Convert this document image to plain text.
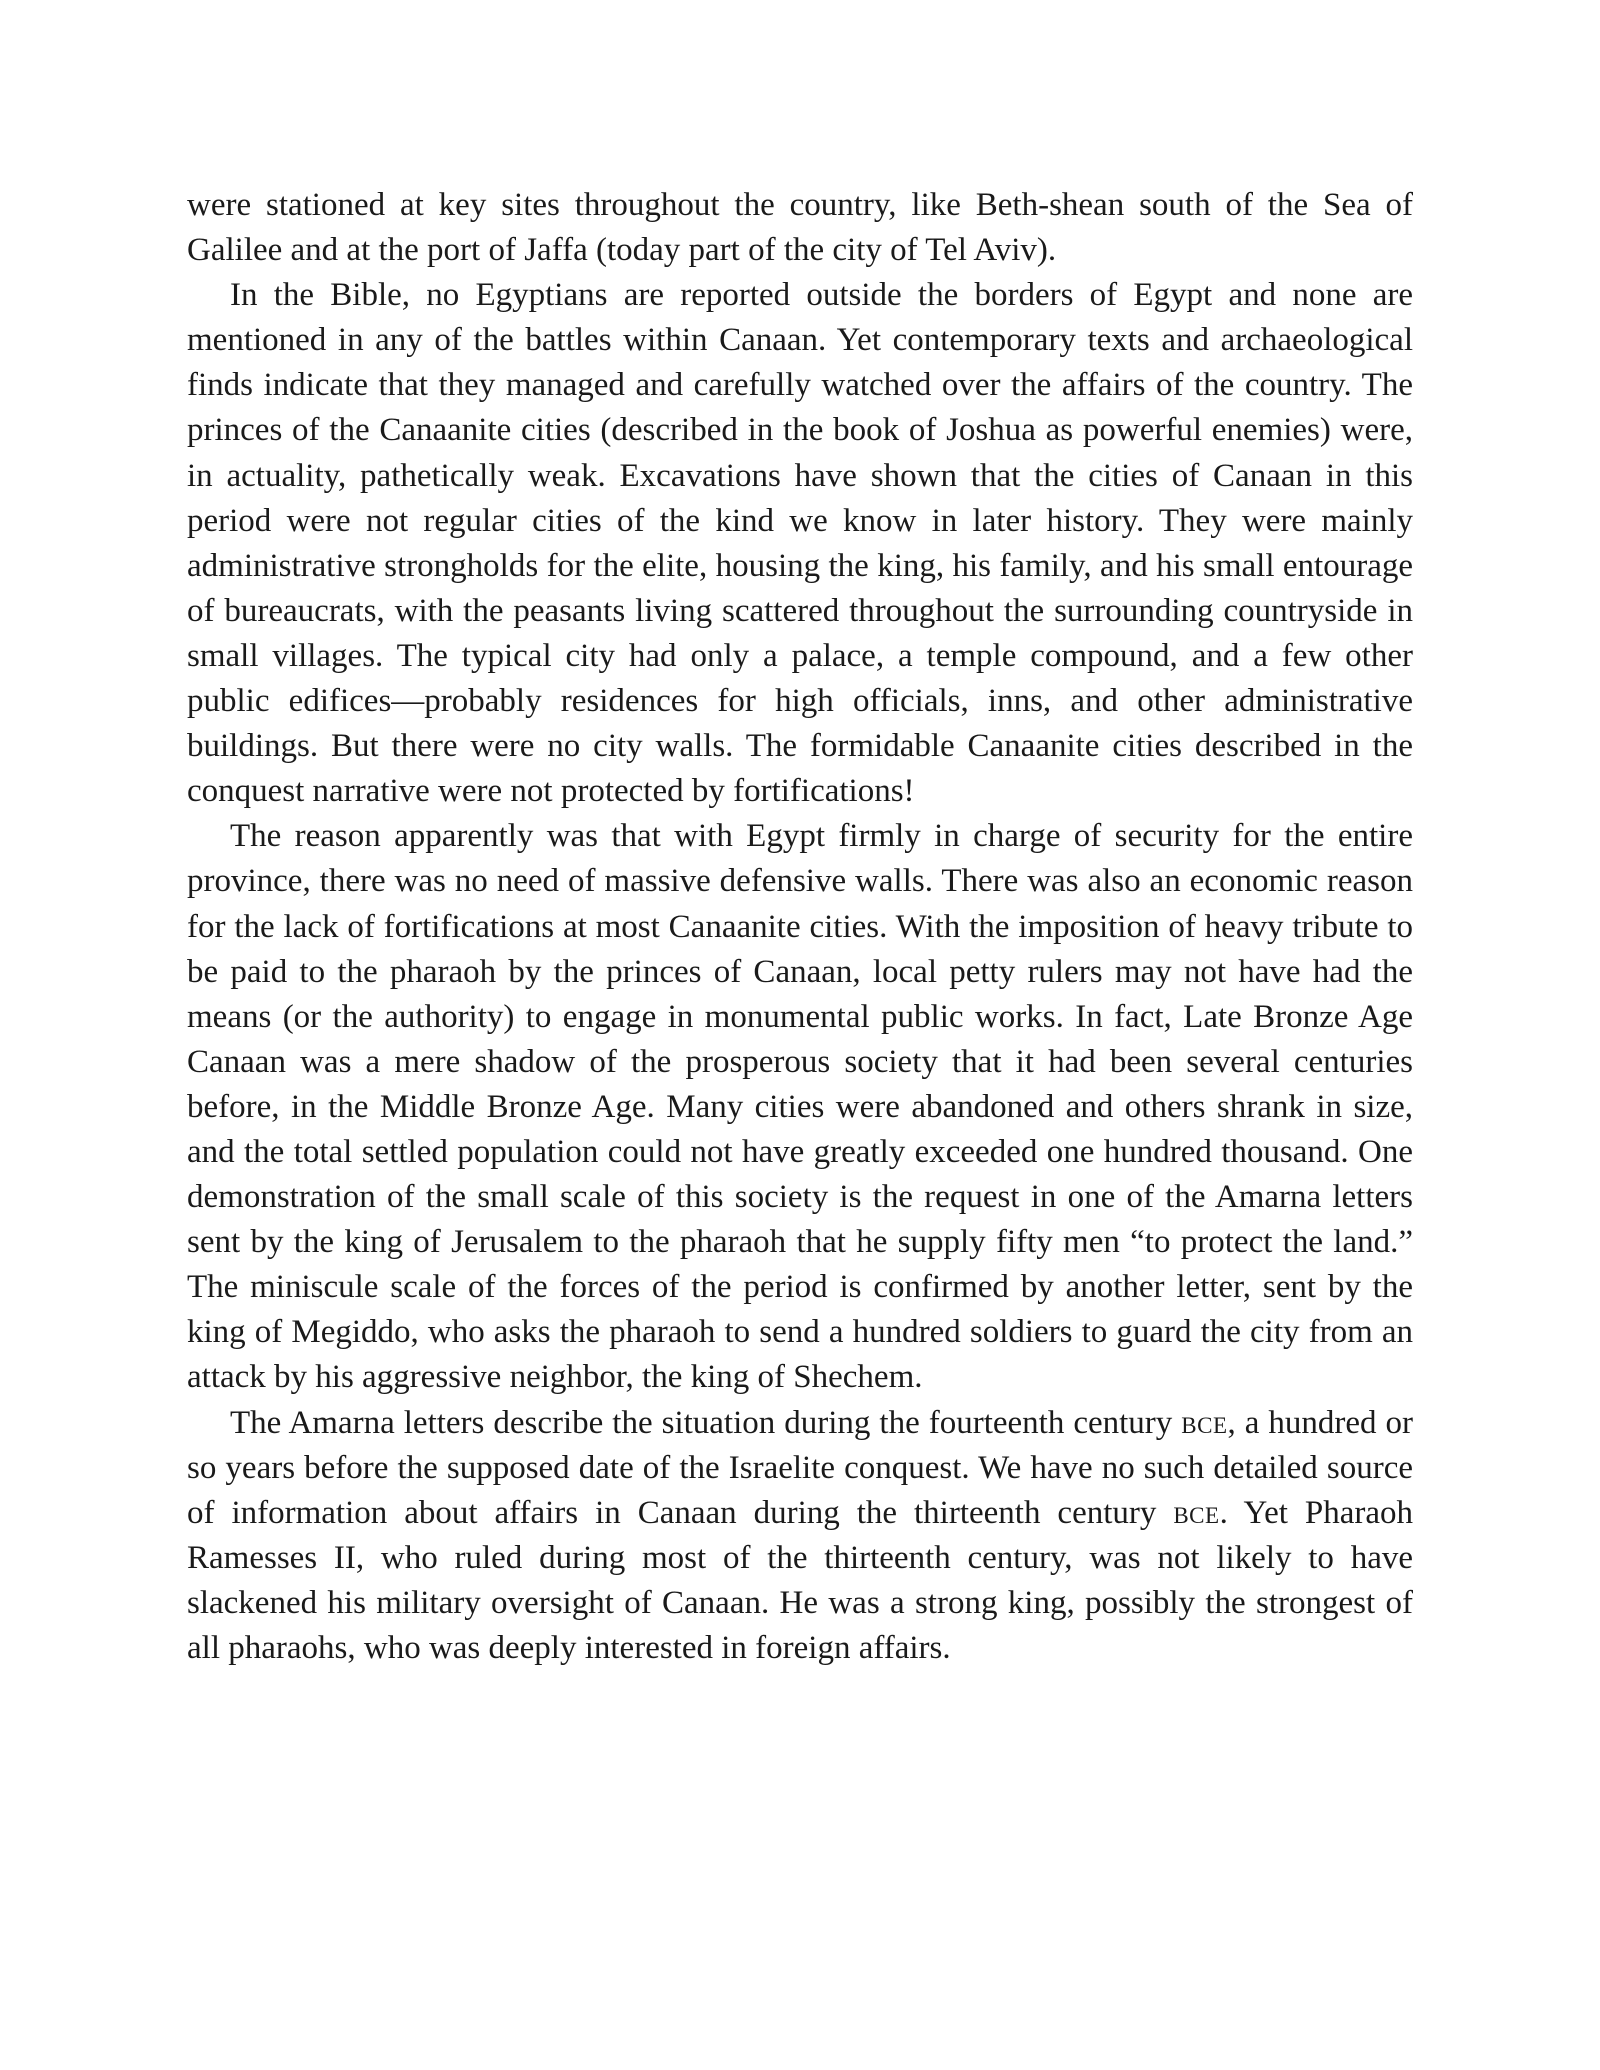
were stationed at key sites throughout the country, like Beth-shean south of the Sea of Galilee and at the port of Jaffa (today part of the city of Tel Aviv).

In the Bible, no Egyptians are reported outside the borders of Egypt and none are mentioned in any of the battles within Canaan. Yet contemporary texts and archaeological finds indicate that they managed and carefully watched over the affairs of the country. The princes of the Canaanite cities (described in the book of Joshua as powerful enemies) were, in actuality, pathetically weak. Excavations have shown that the cities of Canaan in this period were not regular cities of the kind we know in later history. They were mainly administrative strongholds for the elite, housing the king, his family, and his small entourage of bureaucrats, with the peasants living scattered throughout the surrounding countryside in small villages. The typical city had only a palace, a temple compound, and a few other public edifices—probably residences for high officials, inns, and other administrative buildings. But there were no city walls. The formidable Canaanite cities described in the conquest narrative were not protected by fortifications!

The reason apparently was that with Egypt firmly in charge of security for the entire province, there was no need of massive defensive walls. There was also an economic reason for the lack of fortifications at most Canaanite cities. With the imposition of heavy tribute to be paid to the pharaoh by the princes of Canaan, local petty rulers may not have had the means (or the authority) to engage in monumental public works. In fact, Late Bronze Age Canaan was a mere shadow of the prosperous society that it had been several centuries before, in the Middle Bronze Age. Many cities were abandoned and others shrank in size, and the total settled population could not have greatly exceeded one hundred thousand. One demonstration of the small scale of this society is the request in one of the Amarna letters sent by the king of Jerusalem to the pharaoh that he supply fifty men “to protect the land.” The miniscule scale of the forces of the period is confirmed by another letter, sent by the king of Megiddo, who asks the pharaoh to send a hundred soldiers to guard the city from an attack by his aggressive neighbor, the king of Shechem.

The Amarna letters describe the situation during the fourteenth century bce, a hundred or so years before the supposed date of the Israelite conquest. We have no such detailed source of information about affairs in Canaan during the thirteenth century bce. Yet Pharaoh Ramesses II, who ruled during most of the thirteenth century, was not likely to have slackened his military oversight of Canaan. He was a strong king, possibly the strongest of all pharaohs, who was deeply interested in foreign affairs.
